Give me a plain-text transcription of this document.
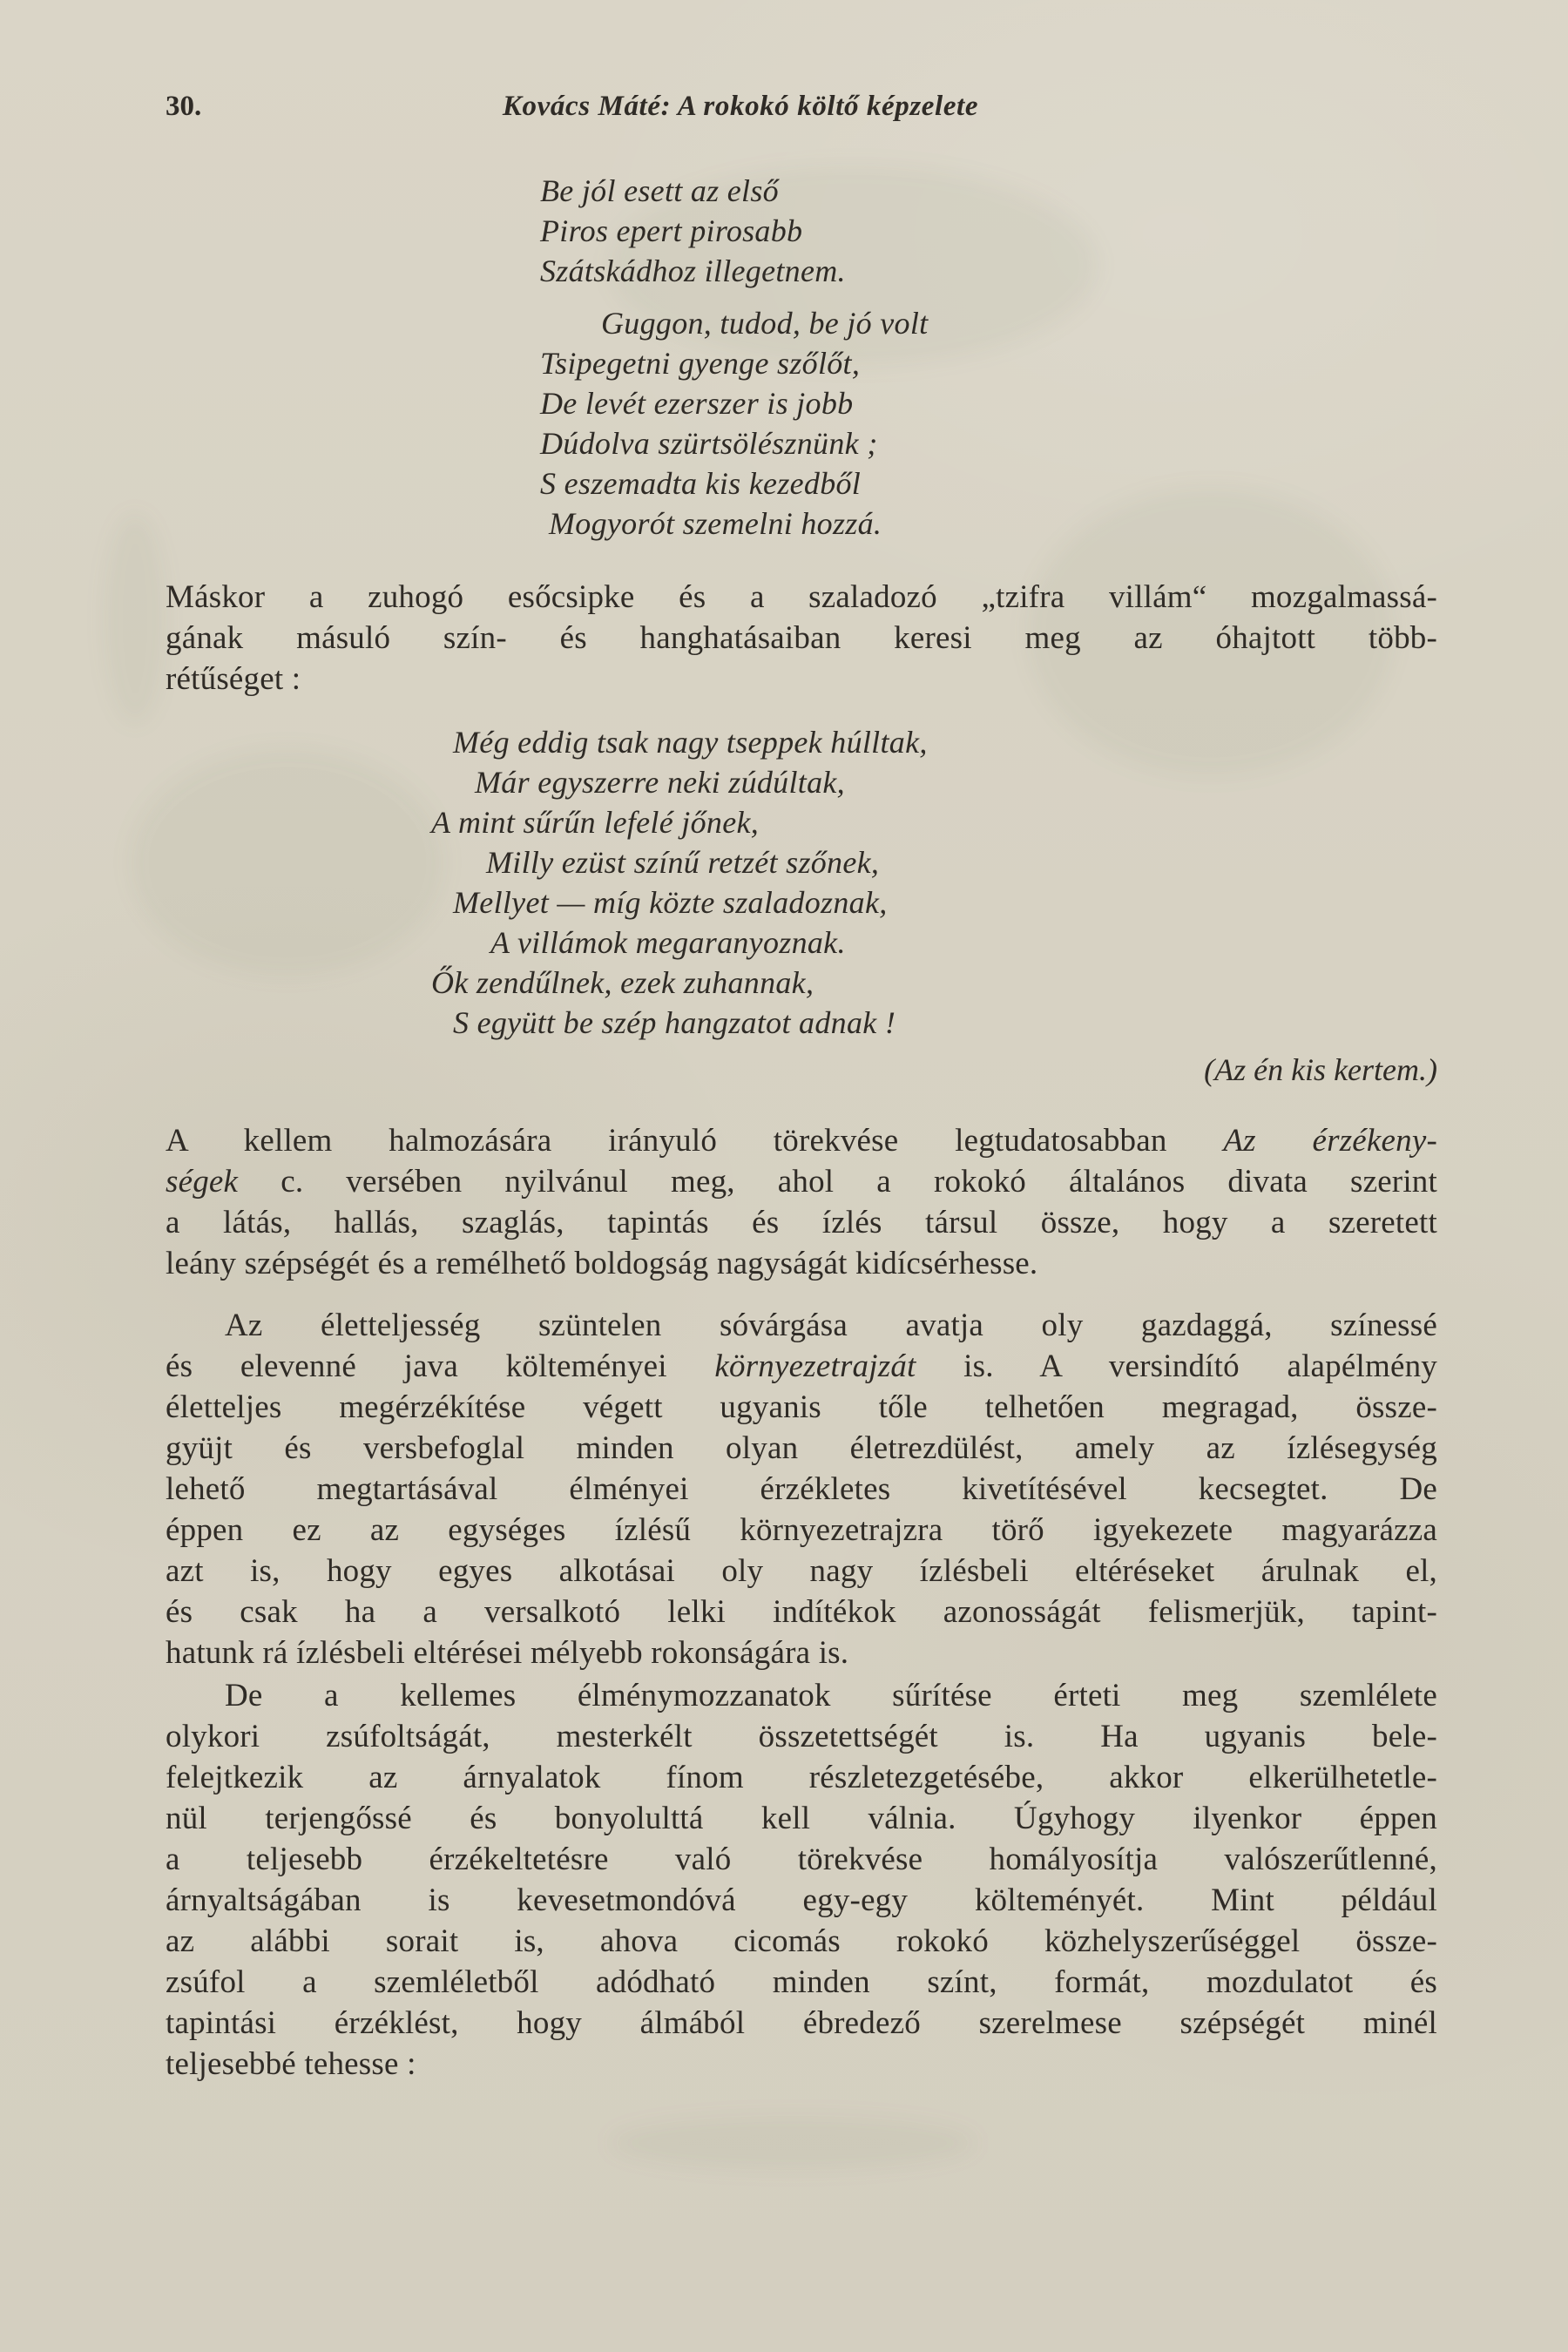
30.	Kovács Máté: A rokokó költő képzelete
Be jól esett az első
Piros epert pirosabb
Szátskádhoz illegetnem.
Guggon, tudod, be jó volt
Tsipegetni gyenge szőlőt,
De levét ezerszer is jobb
Dúdolva szürtsölésznünk ;
S eszemadta kis kezedből
Mogyorót szemelni hozzá.
Máskor a zuhogó esőcsipke és a szaladozó „tzifra villám“ mozgalmassá-
gának másuló szín- és hanghatásaiban keresi meg az óhajtott több-
rétűséget :
Még eddig tsak nagy tseppek húlltak,
Már egyszerre neki zúdúltak,
A mint sűrűn lefelé jőnek,
Milly ezüst színű retzét szőnek,
Mellyet — míg közte szaladoznak,
A villámok megaranyoznak.
Ők zendűlnek, ezek zuhannak,
S együtt be szép hangzatot adnak !
(Az én kis kertem.)
A kellem halmozására irányuló törekvése legtudatosabban Az érzékeny-
ségek c. versében nyilvánul meg, ahol a rokokó általános divata szerint
a látás, hallás, szaglás, tapintás és ízlés társul össze, hogy a szeretett
leány szépségét és a remélhető boldogság nagyságát kidícsérhesse.
Az életteljesség szüntelen sóvárgása avatja oly gazdaggá, színessé
és elevenné java költeményei környezetrajzát is. A versindító alapélmény
életteljes megérzékítése végett ugyanis tőle telhetően megragad, össze-
gyüjt és versbefoglal minden olyan életrezdülést, amely az ízlésegység
lehető megtartásával élményei érzékletes kivetítésével kecsegtet. De
éppen ez az egységes ízlésű környezetrajzra törő igyekezete magyarázza
azt is, hogy egyes alkotásai oly nagy ízlésbeli eltéréseket árulnak el,
és csak ha a versalkotó lelki indítékok azonosságát felismerjük, tapint-
hatunk rá ízlésbeli eltérései mélyebb rokonságára is.
De a kellemes élménymozzanatok sűrítése érteti meg szemlélete
olykori zsúfoltságát, mesterkélt összetettségét is. Ha ugyanis bele-
felejtkezik az árnyalatok fínom részletezgetésébe, akkor elkerülhetetle-
nül terjengőssé és bonyolulttá kell válnia. Úgyhogy ilyenkor éppen
a teljesebb érzékeltetésre való törekvése homályosítja valószerűtlenné,
árnyaltságában is kevesetmondóvá egy-egy költeményét. Mint például
az alábbi sorait is, ahova cicomás rokokó közhelyszerűséggel össze-
zsúfol a szemléletből adódható minden színt, formát, mozdulatot és
tapintási érzéklést, hogy álmából ébredező szerelmese szépségét minél
teljesebbé tehesse :
